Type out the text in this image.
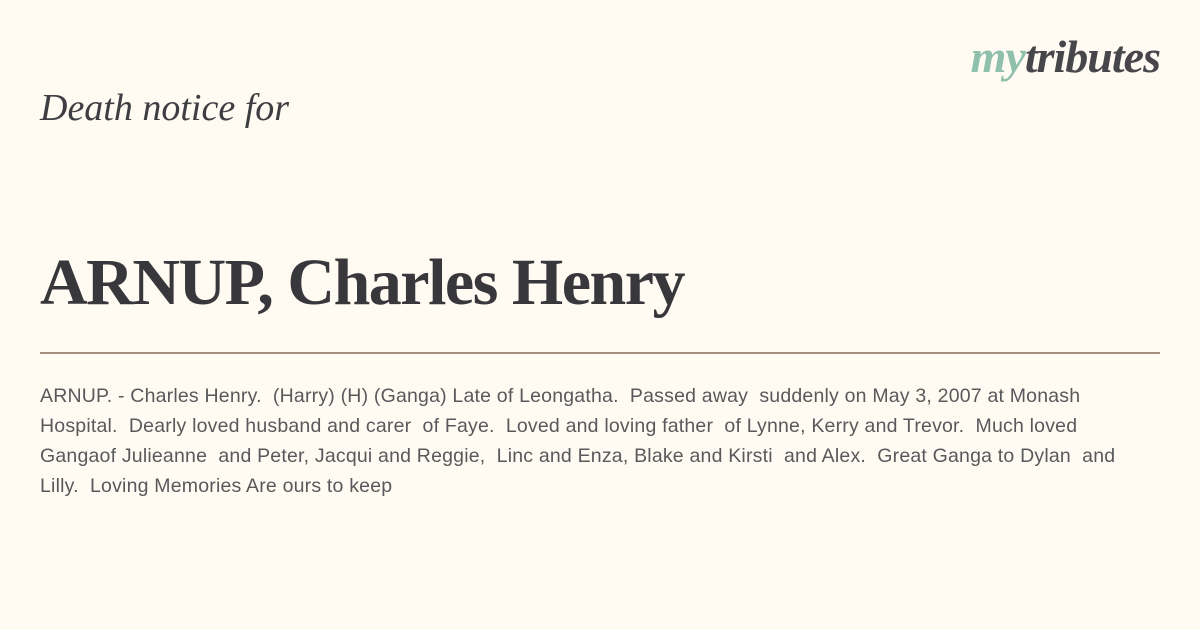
mytributes
Death notice for
ARNUP, Charles Henry

ARNUP. - Charles Henry.  (Harry) (H) (Ganga) Late of Leongatha.  Passed away  suddenly on May 3, 2007 at Monash Hospital.  Dearly loved husband and carer  of Faye.  Loved and loving father  of Lynne, Kerry and Trevor.  Much loved Gangaof Julieanne  and Peter, Jacqui and Reggie,  Linc and Enza, Blake and Kirsti  and Alex.  Great Ganga to Dylan  and Lilly.  Loving Memories Are ours to keep
